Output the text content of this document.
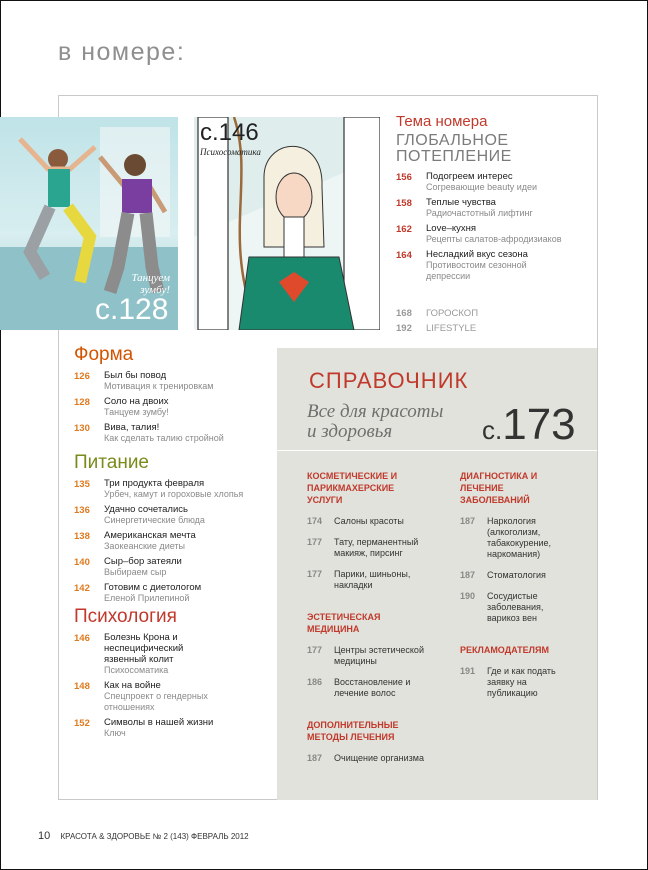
в номере:
Танцуем
зумбу!
с.128
с.146
Психосоматика
Тема номера
ГЛОБАЛЬНОЕ
ПОТЕПЛЕНИЕ
156	Подогреем интерес
Согревающие beauty идеи
158	Теплые чувства
Радиочастотный лифтинг
162	Love–кухня
Рецепты салатов-афродизиаков
164	Несладкий вкус сезона
Противостоим сезонной депрессии
168	ГОРОСКОП
192	LIFESTYLE
Форма
126	Был бы повод
Мотивация к тренировкам
128	Соло на двоих
Танцуем зумбу!
130	Вива, талия!
Как сделать талию стройной
Питание
135	Три продукта февраля
Урбеч, камут и гороховые хлопья
136	Удачно сочетались
Синергетические блюда
138	Американская мечта
Заокеанские диеты
140	Сыр–бор затеяли
Выбираем сыр
142	Готовим с диетологом
Еленой Прилепиной
Психология
146	Болезнь Крона и неспецифический язвенный колит
Психосоматика
148	Как на войне
Спецпроект о гендерных отношениях
152	Символы в нашей жизни
Ключ
СПРАВОЧНИК
Все для красоты
и здоровья	с.173
КОСМЕТИЧЕСКИЕ И ПАРИКМАХЕРСКИЕ УСЛУГИ
174	Салоны красоты
177	Тату, перманентный макияж, пирсинг
177	Парики, шиньоны, накладки
ЭСТЕТИЧЕСКАЯ МЕДИЦИНА
177	Центры эстетической медицины
186	Восстановление и лечение волос
ДОПОЛНИТЕЛЬНЫЕ МЕТОДЫ ЛЕЧЕНИЯ
187	Очищение организма
ДИАГНОСТИКА И ЛЕЧЕНИЕ ЗАБОЛЕВАНИЙ
187	Наркология (алкоголизм, табакокурение, наркомания)
187	Стоматология
190	Сосудистые заболевания, варикоз вен
РЕКЛАМОДАТЕЛЯМ
191	Где и как подать заявку на публикацию
10 КРАСОТА & ЗДОРОВЬЕ № 2 (143) ФЕВРАЛЬ 2012
